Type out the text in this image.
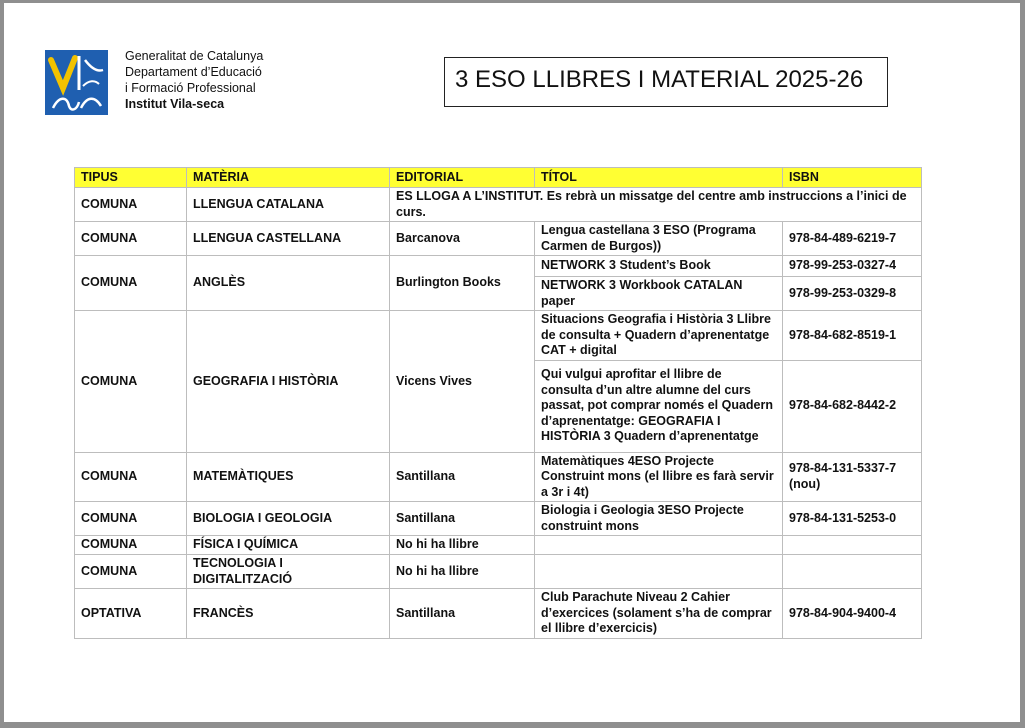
Generalitat de Catalunya
Departament d’Educació
i Formació Professional
Institut Vila-seca
3 ESO LLIBRES I MATERIAL 2025-26
TIPUS	MATÈRIA	EDITORIAL	TÍTOL	ISBN
COMUNA	LLENGUA CATALANA	ES LLOGA A L’INSTITUT. Es rebrà un missatge del centre amb instruccions a l’inici de curs.		
COMUNA	LLENGUA CASTELLANA	Barcanova	Lengua castellana 3 ESO (Programa Carmen de Burgos))	978-84-489-6219-7
COMUNA	ANGLÈS	Burlington Books	NETWORK 3 Student’s Book	978-99-253-0327-4
			NETWORK 3 Workbook CATALAN paper	978-99-253-0329-8
COMUNA	GEOGRAFIA I HISTÒRIA	Vicens Vives	Situacions Geografia i Història 3 Llibre de consulta + Quadern d’aprenentatge CAT + digital	978-84-682-8519-1
			Qui vulgui aprofitar el llibre de consulta d’un altre alumne del curs passat, pot comprar només el Quadern d’aprenentatge: GEOGRAFIA I HISTÒRIA 3 Quadern d’aprenentatge	978-84-682-8442-2
COMUNA	MATEMÀTIQUES	Santillana	Matemàtiques 4ESO Projecte Construint mons (el llibre es farà servir a 3r i 4t)	978-84-131-5337-7 (nou)
COMUNA	BIOLOGIA I GEOLOGIA	Santillana	Biologia i Geologia 3ESO Projecte construint mons	978-84-131-5253-0
COMUNA	FÍSICA I QUÍMICA	No hi ha llibre		
COMUNA	TECNOLOGIA I DIGITALITZACIÓ	No hi ha llibre		
OPTATIVA	FRANCÈS	Santillana	Club Parachute Niveau 2 Cahier d’exercices (solament s’ha de comprar el llibre d’exercicis)	978-84-904-9400-4
